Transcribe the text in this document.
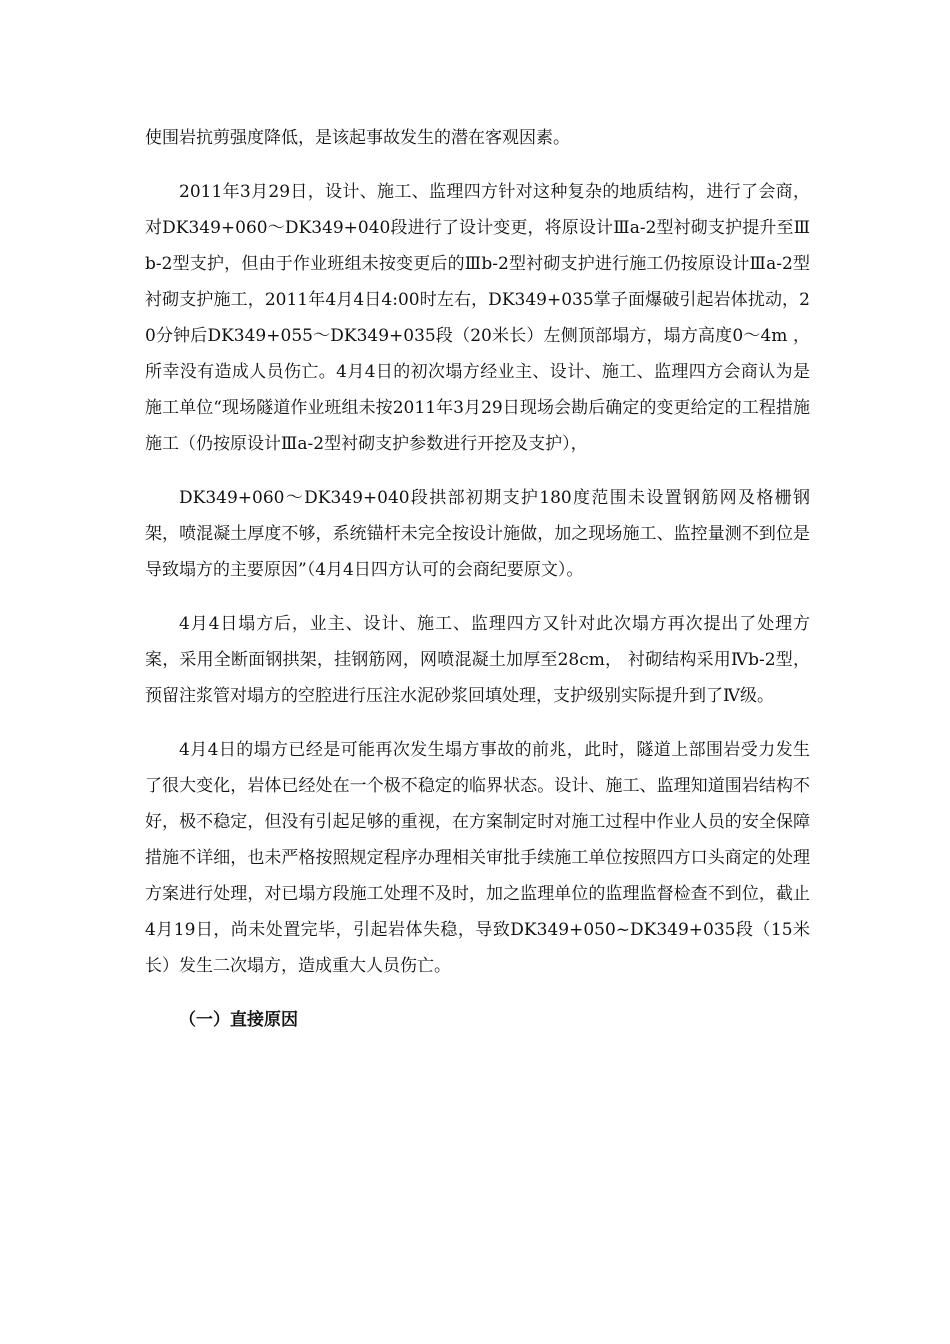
使围岩抗剪强度降低，是该起事故发生的潜在客观因素。

2011年3月29日，设计、施工、监理四方针对这种复杂的地质结构，进行了会商，对DK349+060～DK349+040段进行了设计变更，将原设计Ⅲa-2型衬砌支护提升至Ⅲb-2型支护，但由于作业班组未按变更后的Ⅲb-2型衬砌支护进行施工仍按原设计Ⅲa-2型衬砌支护施工，2011年4月4日4:00时左右，DK349+035掌子面爆破引起岩体扰动，20分钟后DK349+055～DK349+035段（20米长）左侧顶部塌方，塌方高度0～4m ，所幸没有造成人员伤亡。4月4日的初次塌方经业主、设计、施工、监理四方会商认为是施工单位“现场隧道作业班组未按2011年3月29日现场会勘后确定的变更给定的工程措施施工（仍按原设计Ⅲa-2型衬砌支护参数进行开挖及支护），

DK349+060～DK349+040段拱部初期支护180度范围未设置钢筋网及格栅钢架，喷混凝土厚度不够，系统锚杆未完全按设计施做，加之现场施工、监控量测不到位是导致塌方的主要原因”（4月4日四方认可的会商纪要原文）。

4月4日塌方后，业主、设计、施工、监理四方又针对此次塌方再次提出了处理方案，采用全断面钢拱架，挂钢筋网，网喷混凝土加厚至28cm， 衬砌结构采用Ⅳb-2型，预留注浆管对塌方的空腔进行压注水泥砂浆回填处理，支护级别实际提升到了Ⅳ级。

4月4日的塌方已经是可能再次发生塌方事故的前兆，此时，隧道上部围岩受力发生了很大变化，岩体已经处在一个极不稳定的临界状态。设计、施工、监理知道围岩结构不好，极不稳定，但没有引起足够的重视，在方案制定时对施工过程中作业人员的安全保障措施不详细，也未严格按照规定程序办理相关审批手续施工单位按照四方口头商定的处理方案进行处理，对已塌方段施工处理不及时，加之监理单位的监理监督检查不到位，截止4月19日，尚未处置完毕，引起岩体失稳，导致DK349+050~DK349+035段（15米长）发生二次塌方，造成重大人员伤亡。

（一）直接原因
